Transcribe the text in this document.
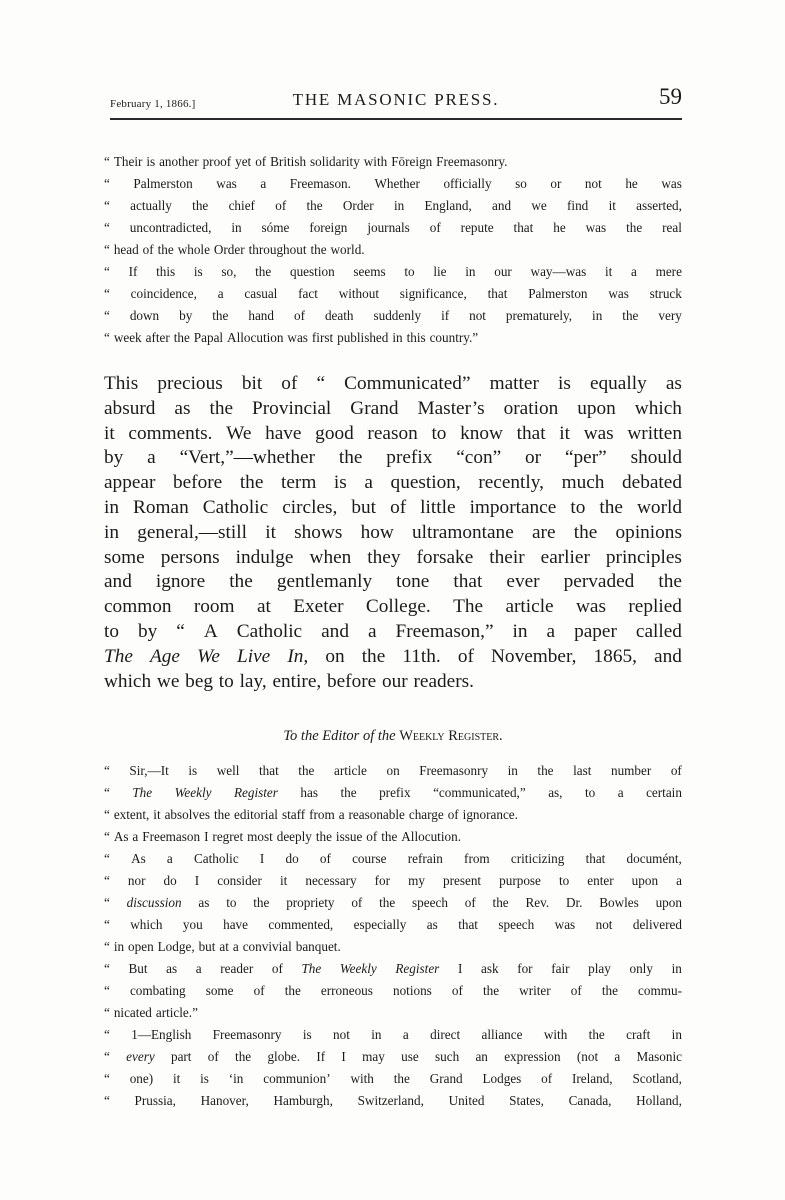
February 1, 1866.]	THE MASONIC PRESS.	59
“ Their is another proof yet of British solidarity with Fōreign Freemasonry.
“ Palmerston was a Freemason. Whether officially so or not he was
“ actually the chief of the Order in England, and we find it asserted,
“ uncontradicted, in sóme foreign journals of repute that he was the real
“ head of the whole Order throughout the world.
“ If this is so, the question seems to lie in our way—was it a mere
“ coincidence, a casual fact without significance, that Palmerston was struck
“ down by the hand of death suddenly if not prematurely, in the very
“ week after the Papal Allocution was first published in this country.”
This precious bit of “ Communicated” matter is equally as
absurd as the Provincial Grand Master’s oration upon which
it comments. We have good reason to know that it was written
by a “Vert,”—whether the prefix “con” or “per” should
appear before the term is a question, recently, much debated
in Roman Catholic circles, but of little importance to the world
in general,—still it shows how ultramontane are the opinions
some persons indulge when they forsake their earlier principles
and ignore the gentlemanly tone that ever pervaded the
common room at Exeter College. The article was replied
to by “ A Catholic and a Freemason,” in a paper called
The Age We Live In, on the 11th. of November, 1865, and
which we beg to lay, entire, before our readers.
To the Editor of the Weekly Register.
“ Sir,—It is well that the article on Freemasonry in the last number of
“ The Weekly Register has the prefix “communicated,” as, to a certain
“ extent, it absolves the editorial staff from a reasonable charge of ignorance.
“ As a Freemason I regret most deeply the issue of the Allocution.
“ As a Catholic I do of course refrain from criticizing that documént,
“ nor do I consider it necessary for my present purpose to enter upon a
“ discussion as to the propriety of the speech of the Rev. Dr. Bowles upon
“ which you have commented, especially as that speech was not delivered
“ in open Lodge, but at a convivial banquet.
“ But as a reader of The Weekly Register I ask for fair play only in
“ combating some of the erroneous notions of the writer of the commu-
“ nicated article.”
“ 1—English Freemasonry is not in a direct alliance with the craft in
“ every part of the globe. If I may use such an expression (not a Masonic
“ one) it is ‘in communion’ with the Grand Lodges of Ireland, Scotland,
“ Prussia, Hanover, Hamburgh, Switzerland, United States, Canada, Holland,
